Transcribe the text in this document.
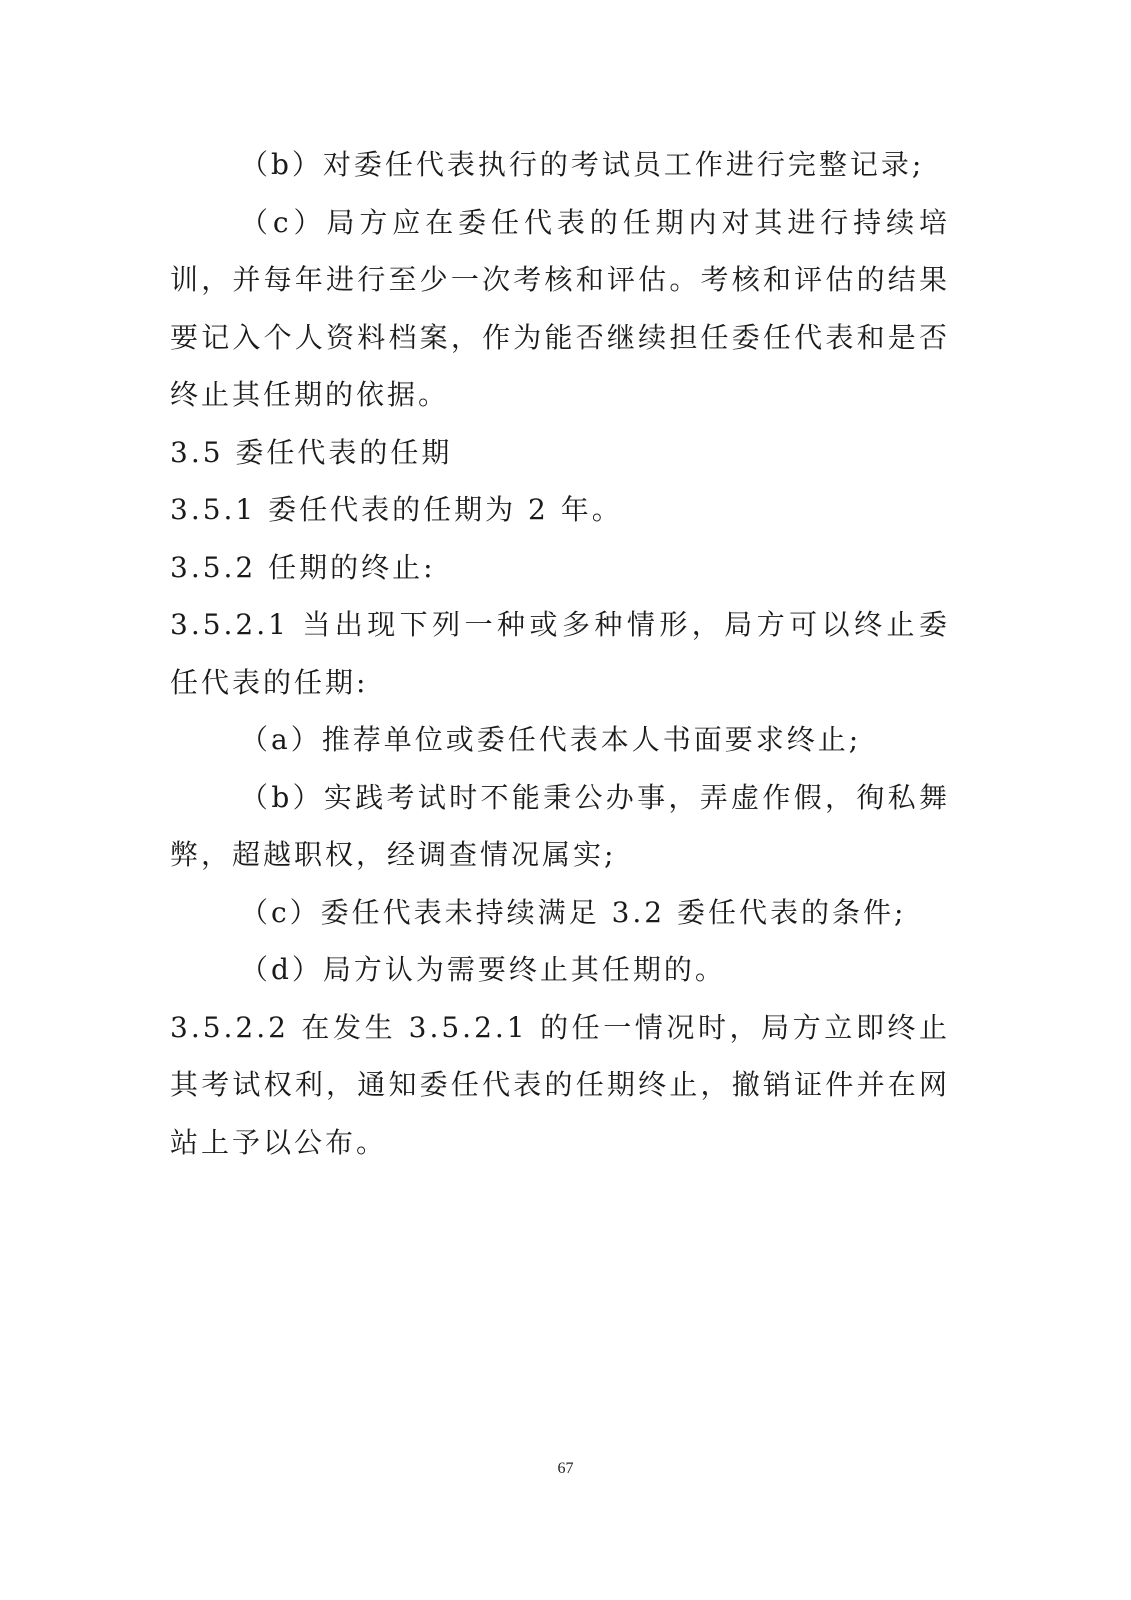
（b）对委任代表执行的考试员工作进行完整记录;

（c）局方应在委任代表的任期内对其进行持续培训，并每年进行至少一次考核和评估。考核和评估的结果要记入个人资料档案，作为能否继续担任委任代表和是否终止其任期的依据。

3.5 委任代表的任期

3.5.1 委任代表的任期为 2 年。

3.5.2 任期的终止:

3.5.2.1 当出现下列一种或多种情形，局方可以终止委任代表的任期:

（a）推荐单位或委任代表本人书面要求终止;

（b）实践考试时不能秉公办事，弄虚作假，徇私舞弊，超越职权，经调查情况属实;

（c）委任代表未持续满足 3.2 委任代表的条件;

（d）局方认为需要终止其任期的。

3.5.2.2 在发生 3.5.2.1 的任一情况时，局方立即终止其考试权利，通知委任代表的任期终止，撤销证件并在网站上予以公布。

67
